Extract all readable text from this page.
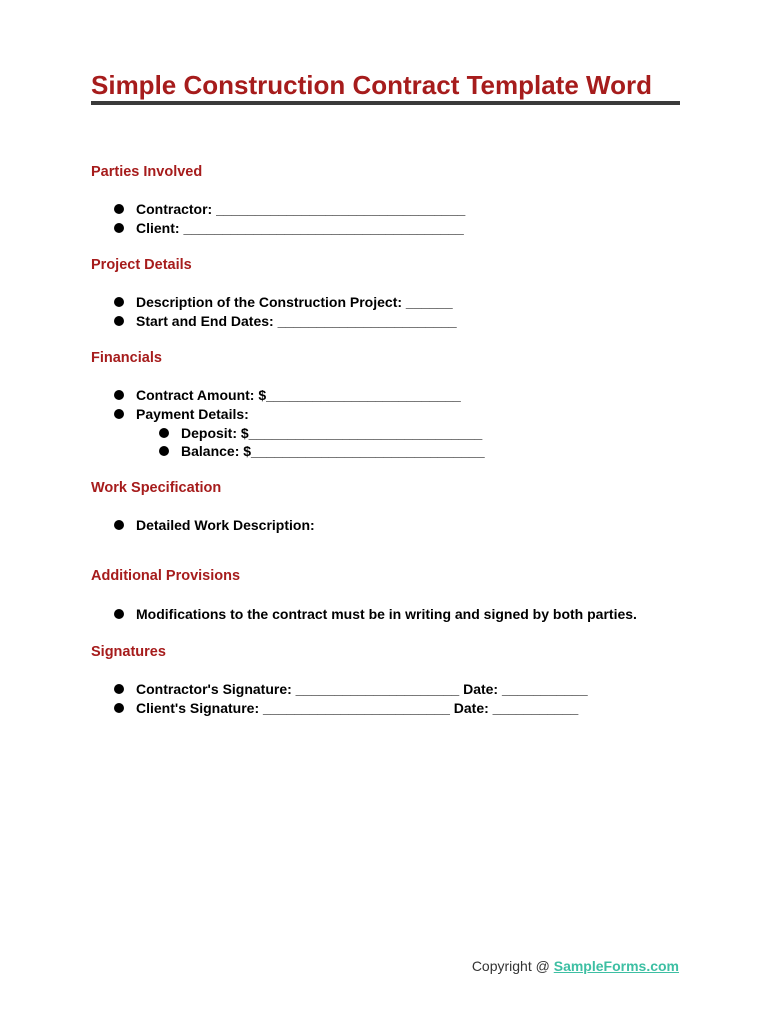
Simple Construction Contract Template Word
Parties Involved
Contractor: ________________________________
Client: ____________________________________
Project Details
Description of the Construction Project: ______
Start and End Dates: _______________________
Financials
Contract Amount: $_________________________
Payment Details:
Deposit: $______________________________
Balance: $______________________________
Work Specification
Detailed Work Description:
Additional Provisions
Modifications to the contract must be in writing and signed by both parties.
Signatures
Contractor's Signature: _____________________ Date: ___________
Client's Signature: ________________________ Date: ___________
Copyright @ SampleForms.com
